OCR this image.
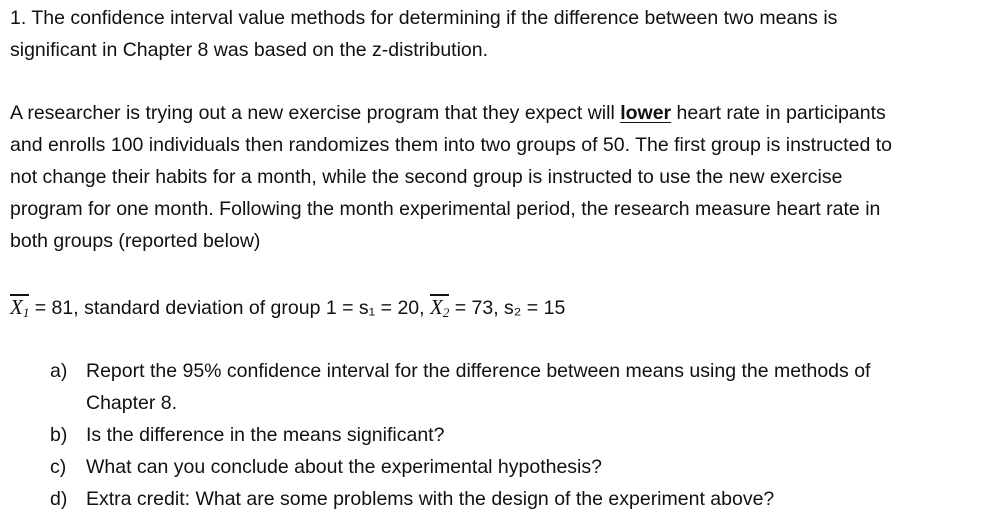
1. The confidence interval value methods for determining if the difference between two means is
significant in Chapter 8 was based on the z-distribution.
A researcher is trying out a new exercise program that they expect will lower heart rate in participants
and enrolls 100 individuals then randomizes them into two groups of 50. The first group is instructed to
not change their habits for a month, while the second group is instructed to use the new exercise
program for one month. Following the month experimental period, the research measure heart rate in
both groups (reported below)
$X_1 = 81$, standard deviation of group 1 = s₁ = 20,
$X_2 = 73$, s₂ = 15
a) Report the 95% confidence interval for the difference between means using the methods of
Chapter 8.
b) Is the difference in the means significant?
c)	What can you conclude about the experimental hypothesis?
d) Extra credit: What are some problems with the design of the experiment above?
